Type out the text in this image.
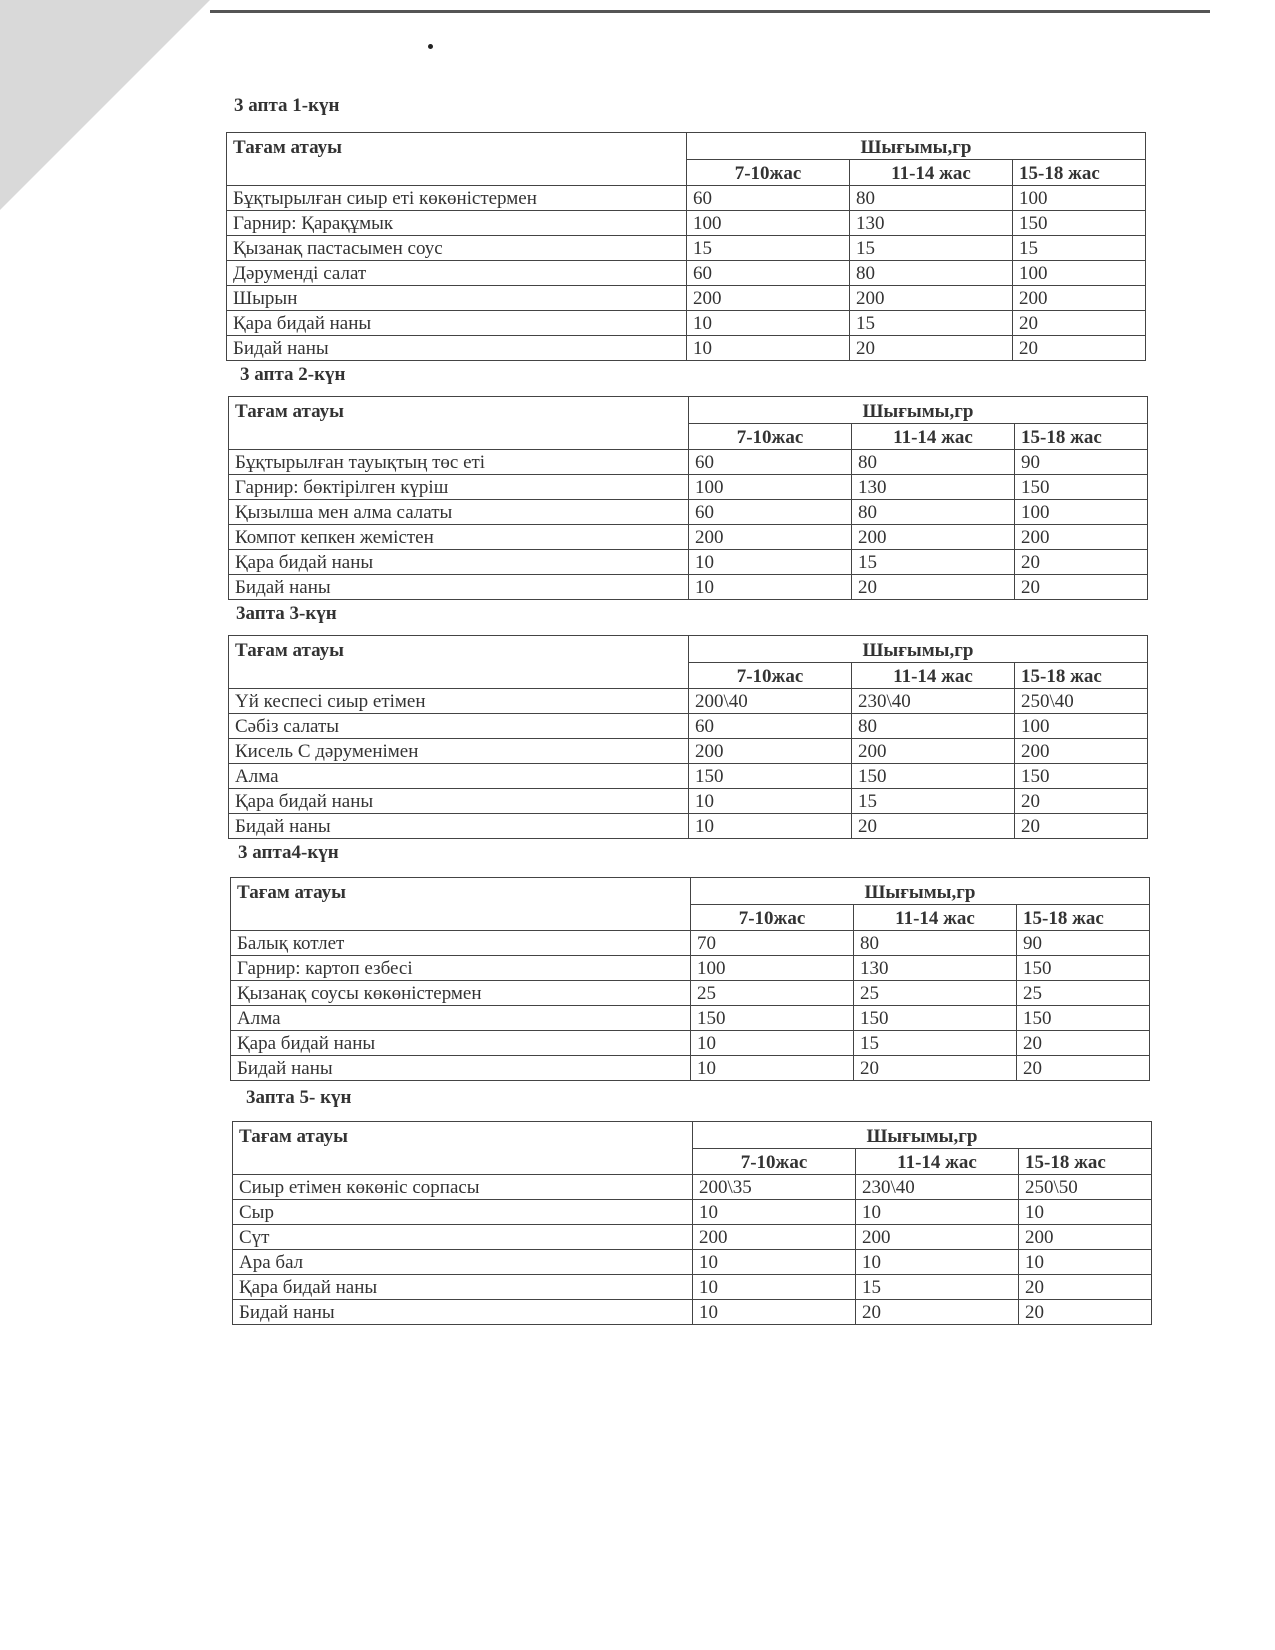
3 апта 1-күн
Тағам атауы	Шығымы,гр		
	7-10жас	11-14 жас	15-18 жас
Бұқтырылған сиыр еті көкөністермен	60	80	100
Гарнир: Қарақұмык	100	130	150
Қызанақ пастасымен соус	15	15	15
Дәрумендi салат	60	80	100
Шырын	200	200	200
Қара бидай наны	10	15	20
Бидай наны	10	20	20
3 апта 2-күн
Тағам атауы	Шығымы,гр		
	7-10жас	11-14 жас	15-18 жас
Бұқтырылған тауықтың төс еті	60	80	90
Гарнир: бөктірілген күріш	100	130	150
Қызылша мен алма салаты	60	80	100
Компот кепкен жемістен	200	200	200
Қара бидай наны	10	15	20
Бидай наны	10	20	20
3апта 3-күн
Тағам атауы	Шығымы,гр		
	7-10жас	11-14 жас	15-18 жас
Үй кеспесі сиыр етімен	200\40	230\40	250\40
Сәбіз салаты	60	80	100
Кисель С дәруменімен	200	200	200
Алма	150	150	150
Қара бидай наны	10	15	20
Бидай наны	10	20	20
3 апта4-күн
Тағам атауы	Шығымы,гр		
	7-10жас	11-14 жас	15-18 жас
Балық котлет	70	80	90
Гарнир: картоп езбесі	100	130	150
Қызанақ соусы көкөністермен	25	25	25
Алма	150	150	150
Қара бидай наны	10	15	20
Бидай наны	10	20	20
3апта 5- күн
Тағам атауы	Шығымы,гр		
	7-10жас	11-14 жас	15-18 жас
Сиыр етімен көкөніс сорпасы	200\35	230\40	250\50
Сыр	10	10	10
Сүт	200	200	200
Ара бал	10	10	10
Қара бидай наны	10	15	20
Бидай наны	10	20	20
